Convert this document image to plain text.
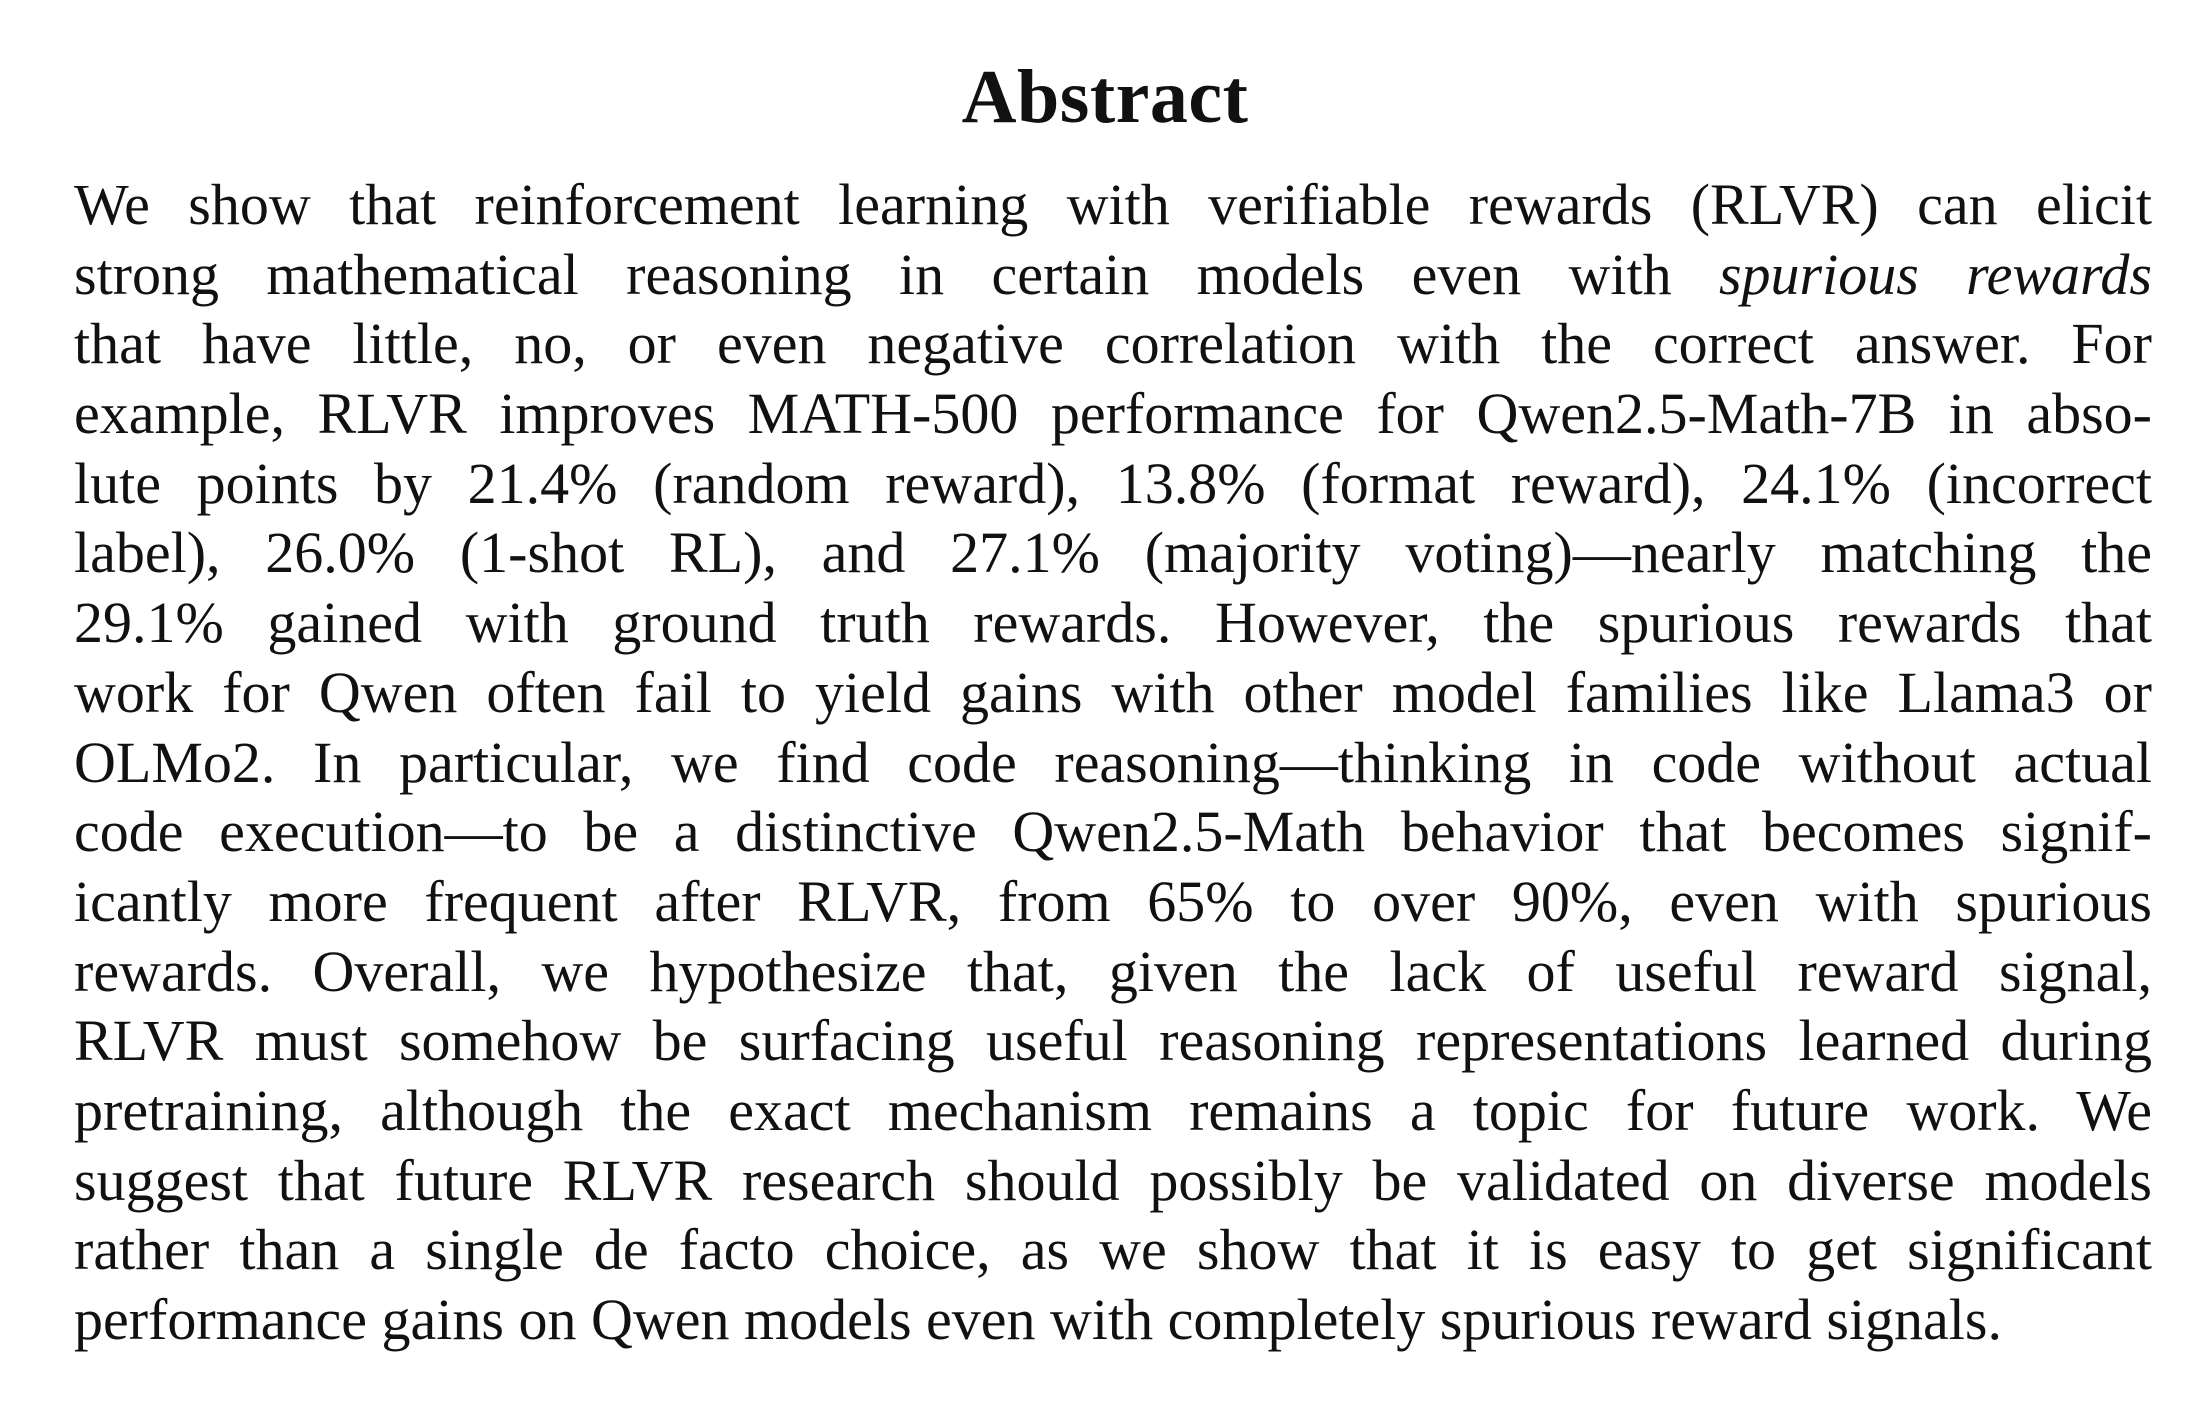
Abstract
We show that reinforcement learning with verifiable rewards (RLVR) can elicit
strong mathematical reasoning in certain models even with spurious rewards
that have little, no, or even negative correlation with the correct answer. For
example, RLVR improves MATH-500 performance for Qwen2.5-Math-7B in abso-
lute points by 21.4% (random reward), 13.8% (format reward), 24.1% (incorrect
label), 26.0% (1-shot RL), and 27.1% (majority voting)—nearly matching the
29.1% gained with ground truth rewards. However, the spurious rewards that
work for Qwen often fail to yield gains with other model families like Llama3 or
OLMo2. In particular, we find code reasoning—thinking in code without actual
code execution—to be a distinctive Qwen2.5-Math behavior that becomes signif-
icantly more frequent after RLVR, from 65% to over 90%, even with spurious
rewards. Overall, we hypothesize that, given the lack of useful reward signal,
RLVR must somehow be surfacing useful reasoning representations learned during
pretraining, although the exact mechanism remains a topic for future work. We
suggest that future RLVR research should possibly be validated on diverse models
rather than a single de facto choice, as we show that it is easy to get significant
performance gains on Qwen models even with completely spurious reward signals.
